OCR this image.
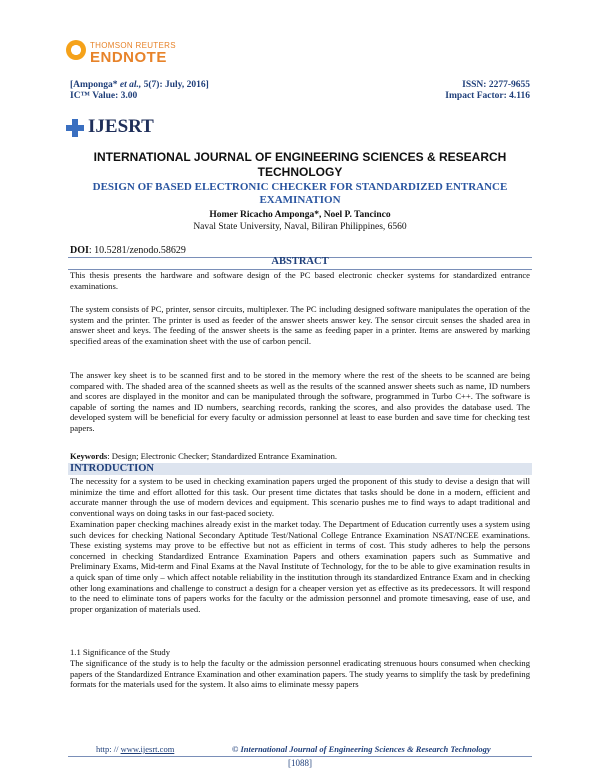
THOMSON REUTERS
ENDNOTE
[Amponga* et al., 5(7): July, 2016]
IC™ Value: 3.00
ISSN: 2277-9655
Impact Factor: 4.116
IJESRT
INTERNATIONAL JOURNAL OF ENGINEERING SCIENCES & RESEARCH TECHNOLOGY
DESIGN OF BASED ELECTRONIC CHECKER FOR STANDARDIZED ENTRANCE EXAMINATION
Homer Ricacho Amponga*, Noel P. Tancinco
Naval State University, Naval, Biliran Philippines, 6560
DOI: 10.5281/zenodo.58629
ABSTRACT
This thesis presents the hardware and software design of the PC based electronic checker systems for standardized entrance examinations.
The system consists of PC, printer, sensor circuits, multiplexer. The PC including designed software manipulates the operation of the system and the printer. The printer is used as feeder of the answer sheets answer key. The sensor circuit senses the shaded area in answer sheet and keys. The feeding of the answer sheets is the same as feeding paper in a printer. Items are answered by marking specified areas of the examination sheet with the use of carbon pencil.
The answer key sheet is to be scanned first and to be stored in the memory where the rest of the sheets to be scanned are being compared with. The shaded area of the scanned sheets as well as the results of the scanned answer sheets such as name, ID numbers and scores are displayed in the monitor and can be manipulated through the software, programmed in Turbo C++. The software is capable of sorting the names and ID numbers, searching records, ranking the scores, and also provides the database used. The developed system will be beneficial for every faculty or admission personnel at least to ease burden and save time for checking test papers.
Keywords: Design; Electronic Checker; Standardized Entrance Examination.
INTRODUCTION
The necessity for a system to be used in checking examination papers urged the proponent of this study to devise a design that will minimize the time and effort allotted for this task. Our present time dictates that tasks should be done in a modern, efficient and accurate manner through the use of modern devices and equipment. This scenario pushes me to find ways to adapt traditional and conventional ways on doing tasks in our fast-paced society.
Examination paper checking machines already exist in the market today. The Department of Education currently uses a system using such devices for checking National Secondary Aptitude Test/National College Entrance Examination NSAT/NCEE examinations. These existing systems may prove to be effective but not as efficient in terms of cost. This study adheres to help the persons concerned in checking Standardized Entrance Examination Papers and others examination papers such as Summative and Preliminary Exams, Mid-term and Final Exams at the Naval Institute of Technology, for the to be able to give examination results in a quick span of time only – which affect notable reliability in the institution through its standardized Entrance Exam and in checking other long examinations and challenge to construct a design for a cheaper version yet as effective as its predecessors. It will respond to the need to eliminate tons of papers works for the faculty or the admission personnel and promote timesaving, ease of use, and proper organization of materials used.
1.1 Significance of the Study
The significance of the study is to help the faculty or the admission personnel eradicating strenuous hours consumed when checking papers of the Standardized Entrance Examination and other examination papers. The study yearns to simplify the task by predefining formats for the materials used for the system. It also aims to eliminate messy papers
http: // www.ijesrt.com	© International Journal of Engineering Sciences & Research Technology
[1088]
